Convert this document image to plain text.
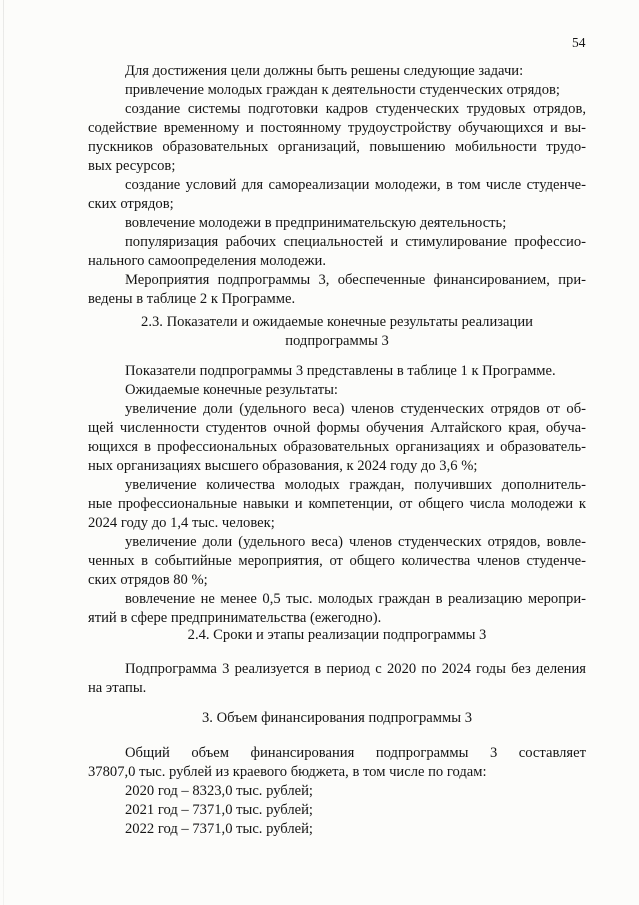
54
Для достижения цели должны быть решены следующие задачи:
привлечение молодых граждан к деятельности студенческих отрядов;
создание системы подготовки кадров студенческих трудовых отрядов,
содействие временному и постоянному трудоустройству обучающихся и вы-
пускников образовательных организаций, повышению мобильности трудо-
вых ресурсов;
создание условий для самореализации молодежи, в том числе студенче-
ских отрядов;
вовлечение молодежи в предпринимательскую деятельность;
популяризация рабочих специальностей и стимулирование профессио-
нального самоопределения молодежи.
Мероприятия подпрограммы 3, обеспеченные финансированием, при-
ведены в таблице 2 к Программе.
2.3. Показатели и ожидаемые конечные результаты реализации
подпрограммы 3
Показатели подпрограммы 3 представлены в таблице 1 к Программе.
Ожидаемые конечные результаты:
увеличение доли (удельного веса) членов студенческих отрядов от об-
щей численности студентов очной формы обучения Алтайского края, обуча-
ющихся в профессиональных образовательных организациях и образователь-
ных организациях высшего образования, к 2024 году до 3,6 %;
увеличение количества молодых граждан, получивших дополнитель-
ные профессиональные навыки и компетенции, от общего числа молодежи к
2024 году до 1,4 тыс. человек;
увеличение доли (удельного веса) членов студенческих отрядов, вовле-
ченных в событийные мероприятия, от общего количества членов студенче-
ских отрядов 80 %;
вовлечение не менее 0,5 тыс. молодых граждан в реализацию меропри-
ятий в сфере предпринимательства (ежегодно).
2.4. Сроки и этапы реализации подпрограммы 3
Подпрограмма 3 реализуется в период с 2020 по 2024 годы без деления
на этапы.
3. Объем финансирования подпрограммы 3
Общий объем финансирования подпрограммы 3 составляет
37807,0 тыс. рублей из краевого бюджета, в том числе по годам:
2020 год – 8323,0 тыс. рублей;
2021 год – 7371,0 тыс. рублей;
2022 год – 7371,0 тыс. рублей;
